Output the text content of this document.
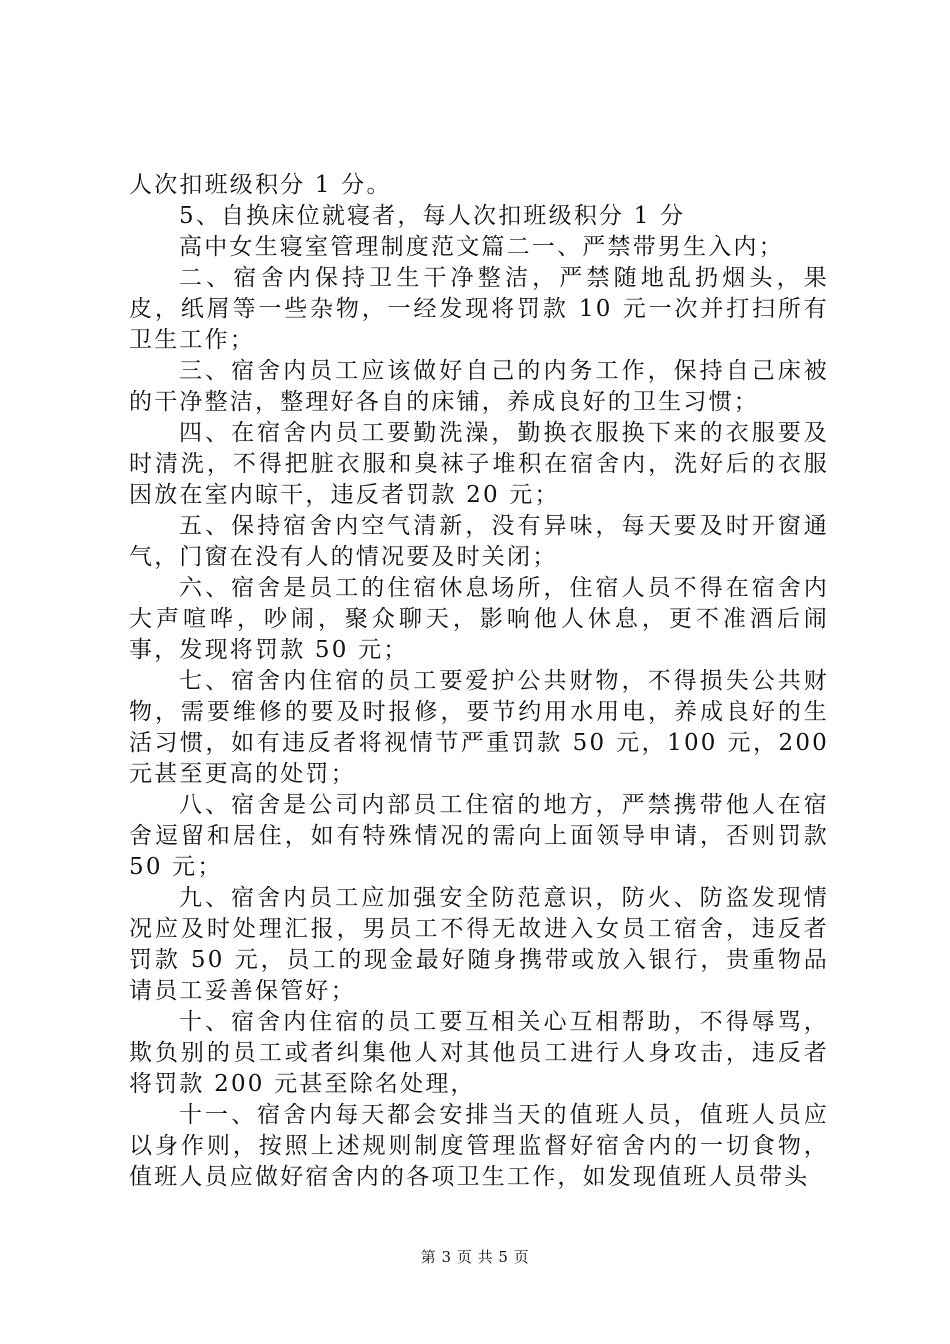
人次扣班级积分 1 分。

5、自换床位就寝者，每人次扣班级积分 1 分

高中女生寝室管理制度范文篇二一、严禁带男生入内；

二、宿舍内保持卫生干净整洁，严禁随地乱扔烟头，果皮，纸屑等一些杂物，一经发现将罚款 10 元一次并打扫所有卫生工作；

三、宿舍内员工应该做好自己的内务工作，保持自己床被的干净整洁，整理好各自的床铺，养成良好的卫生习惯；

四、在宿舍内员工要勤洗澡，勤换衣服换下来的衣服要及时清洗，不得把脏衣服和臭袜子堆积在宿舍内，洗好后的衣服因放在室内晾干，违反者罚款 20 元；

五、保持宿舍内空气清新，没有异味，每天要及时开窗通气，门窗在没有人的情况要及时关闭；

六、宿舍是员工的住宿休息场所，住宿人员不得在宿舍内大声喧哗，吵闹，聚众聊天，影响他人休息，更不准酒后闹事，发现将罚款 50 元；

七、宿舍内住宿的员工要爱护公共财物，不得损失公共财物，需要维修的要及时报修，要节约用水用电，养成良好的生活习惯，如有违反者将视情节严重罚款 50 元，100 元，200 元甚至更高的处罚；

八、宿舍是公司内部员工住宿的地方，严禁携带他人在宿舍逗留和居住，如有特殊情况的需向上面领导申请，否则罚款 50 元；

九、宿舍内员工应加强安全防范意识，防火、防盗发现情况应及时处理汇报，男员工不得无故进入女员工宿舍，违反者罚款 50 元，员工的现金最好随身携带或放入银行，贵重物品请员工妥善保管好；

十、宿舍内住宿的员工要互相关心互相帮助，不得辱骂，欺负别的员工或者纠集他人对其他员工进行人身攻击，违反者将罚款 200 元甚至除名处理，

十一、宿舍内每天都会安排当天的值班人员，值班人员应以身作则，按照上述规则制度管理监督好宿舍内的一切食物，值班人员应做好宿舍内的各项卫生工作，如发现值班人员带头

第 3 页 共 5 页
